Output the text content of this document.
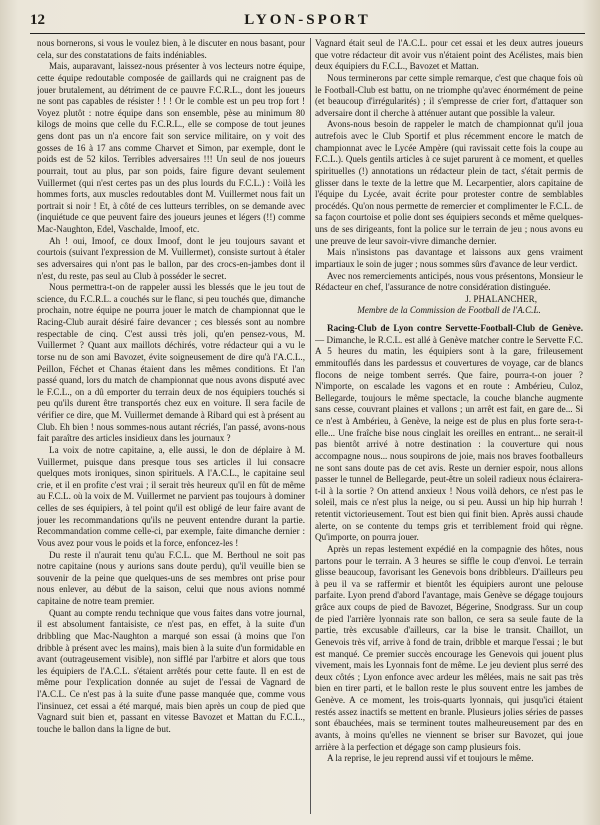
12	LYON-SPORT

nous bornerons, si vous le voulez bien, à le discuter en nous basant, pour cela, sur des constatations de faits indéniables.

Mais, auparavant, laissez-nous présenter à vos lecteurs notre équipe, cette équipe redoutable composée de gaillards qui ne craignent pas de jouer brutalement, au détriment de ce pauvre F.C.R.L., dont les joueurs ne sont pas capables de résister ! ! ! Or le comble est un peu trop fort ! Voyez plutôt : notre équipe dans son ensemble, pèse au minimum 80 kilogs de moins que celle du F.C.R.L., elle se compose de tout jeunes gens dont pas un n'a encore fait son service militaire, on y voit des gosses de 16 à 17 ans comme Charvet et Simon, par exemple, dont le poids est de 52 kilos. Terribles adversaires !!! Un seul de nos joueurs pourrait, tout au plus, par son poids, faire figure devant seulement Vuillermet (qui n'est certes pas un des plus lourds du F.C.L.) : Voilà les hommes forts, aux muscles redoutables dont M. Vuillermet nous fait un portrait si noir ! Et, à côté de ces lutteurs terribles, on se demande avec (inquiétude ce que peuvent faire des joueurs jeunes et légers (!!) comme Mac-Naughton, Edel, Vaschalde, Imoof, etc.

Ah ! oui, Imoof, ce doux Imoof, dont le jeu toujours savant et courtois (suivant l'expression de M. Vuillermet), consiste surtout à étaler ses adversaires qui n'ont pas le ballon, par des crocs-en-jambes dont il n'est, du reste, pas seul au Club à posséder le secret.

Nous permettra-t-on de rappeler aussi les blessés que le jeu tout de science, du F.C.R.L. a couchés sur le flanc, si peu touchés que, dimanche prochain, notre équipe ne pourra jouer le match de championnat que le Racing-Club aurait désiré faire devancer ; ces blessés sont au nombre respectable de cinq. C'est aussi très joli, qu'en pensez-vous, M. Vuillermet ? Quant aux maillots déchirés, votre rédacteur qui a vu le torse nu de son ami Bavozet, évite soigneusement de dire qu'à l'A.C.L., Peillon, Féchet et Chanas étaient dans les mêmes conditions. Et l'an passé quand, lors du match de championnat que nous avons disputé avec le F.C.L., on a dû emporter du terrain deux de nos équipiers touchés si peu qu'ils durent être transportés chez eux en voiture. Il sera facile de vérifier ce dire, que M. Vuillermet demande à Ribard qui est à présent au Club. Eh bien ! nous sommes-nous autant récriés, l'an passé, avons-nous fait paraître des articles insidieux dans les journaux ?

La voix de notre capitaine, a, elle aussi, le don de déplaire à M. Vuillermet, puisque dans presque tous ses articles il lui consacre quelques mots ironiques, sinon spirituels. A l'A.C.L., le capitaine seul crie, et il en profite c'est vrai ; il serait très heureux qu'il en fût de même au F.C.L. où la voix de M. Vuillermet ne parvient pas toujours à dominer celles de ses équipiers, à tel point qu'il est obligé de leur faire avant de jouer les recommandations qu'ils ne peuvent entendre durant la partie. Recommandation comme celle-ci, par exemple, faite dimanche dernier : Vous avez pour vous le poids et la force, enfoncez-les !

Du reste il n'aurait tenu qu'au F.C.L. que M. Berthoul ne soit pas notre capitaine (nous y aurions sans doute perdu), qu'il veuille bien se souvenir de la peine que quelques-uns de ses membres ont prise pour nous enlever, au début de la saison, celui que nous avions nommé capitaine de notre team premier.

Quant au compte rendu technique que vous faites dans votre journal, il est absolument fantaisiste, ce n'est pas, en effet, à la suite d'un dribbling que Mac-Naughton a marqué son essai (à moins que l'on dribble à présent avec les mains), mais bien à la suite d'un formidable en avant (outrageusement visible), non sifflé par l'arbitre et alors que tous les équipiers de l'A.C.L. s'étaient arrêtés pour cette faute. Il en est de même pour l'explication donnée au sujet de l'essai de Vagnard de l'A.C.L. Ce n'est pas à la suite d'une passe manquée que, comme vous l'insinuez, cet essai a été marqué, mais bien après un coup de pied que Vagnard suit bien et, passant en vitesse Bavozet et Mattan du F.C.L., touche le ballon dans la ligne de but.

Vagnard était seul de l'A.C.L. pour cet essai et les deux autres joueurs que votre rédacteur dit avoir vus n'étaient point des Acélistes, mais bien deux équipiers du F.C.L., Bavozet et Mattan.

Nous terminerons par cette simple remarque, c'est que chaque fois où le Football-Club est battu, on ne triomphe qu'avec énormément de peine (et beaucoup d'irrégularités) ; il s'empresse de crier fort, d'attaquer son adversaire dont il cherche à atténuer autant que possible la valeur.

Avons-nous besoin de rappeler le match de championnat qu'il joua autrefois avec le Club Sportif et plus récemment encore le match de championnat avec le Lycée Ampère (qui ravissait cette fois la coupe au F.C.L.). Quels gentils articles à ce sujet parurent à ce moment, et quelles spirituelles (!) annotations un rédacteur plein de tact, s'était permis de glisser dans le texte de la lettre que M. Lecarpentier, alors capitaine de l'équipe du Lycée, avait écrite pour protester contre de semblables procédés. Qu'on nous permette de remercier et complimenter le F.C.L. de sa façon courtoise et polie dont ses équipiers seconds et même quelques-uns de ses dirigeants, font la police sur le terrain de jeu ; nous avons eu une preuve de leur savoir-vivre dimanche dernier.

Mais n'insistons pas davantage et laissons aux gens vraiment impartiaux le soin de juger ; nous sommes sûrs d'avance de leur verdict.

Avec nos remerciements anticipés, nous vous présentons, Monsieur le Rédacteur en chef, l'assurance de notre considération distinguée.

J. PHALANCHER,

Membre de la Commission de Football de l'A.C.L.

Racing-Club de Lyon contre Servette-Football-Club de Genève. — Dimanche, le R.C.L. est allé à Genève matcher contre le Servette F.C. A 5 heures du matin, les équipiers sont à la gare, frileusement emmitouflés dans les pardessus et couvertures de voyage, car de blancs flocons de neige tombent serrés. Que faire, pourra-t-on jouer ? N'importe, on escalade les vagons et en route : Ambérieu, Culoz, Bellegarde, toujours le même spectacle, la couche blanche augmente sans cesse, couvrant plaines et vallons ; un arrêt est fait, en gare de... Si ce n'est à Ambérieu, à Genève, la neige est de plus en plus forte sera-t-elle... Une fraîche bise nous cinglait les oreilles en entrant... ne serait-il pas bientôt arrivé à notre destination : la couverture qui nous accompagne nous... nous soupirons de joie, mais nos braves footballeurs ne sont sans doute pas de cet avis. Reste un dernier espoir, nous allons passer le tunnel de Bellegarde, peut-être un soleil radieux nous éclairera-t-il à la sortie ? On attend anxieux ! Nous voilà dehors, ce n'est pas le soleil, mais ce n'est plus la neige, ou si peu. Aussi un hip hip hurrah ! retentit victorieusement. Tout est bien qui finit bien. Après aussi chaude alerte, on se contente du temps gris et terriblement froid qui règne. Qu'importe, on pourra jouer.

Après un repas lestement expédié en la compagnie des hôtes, nous partons pour le terrain. A 3 heures se siffle le coup d'envoi. Le terrain glisse beaucoup, favorisant les Genevois bons dribbleurs. D'ailleurs peu à peu il va se raffermir et bientôt les équipiers auront une pelouse parfaite. Lyon prend d'abord l'avantage, mais Genève se dégage toujours grâce aux coups de pied de Bavozet, Bégerine, Snodgrass. Sur un coup de pied l'arrière lyonnais rate son ballon, ce sera sa seule faute de la partie, très excusable d'ailleurs, car la bise le transit. Chaillot, un Genevois très vif, arrive à fond de train, dribble et marque l'essai ; le but est manqué. Ce premier succès encourage les Genevois qui jouent plus vivement, mais les Lyonnais font de même. Le jeu devient plus serré des deux côtés ; Lyon enfonce avec ardeur les mêlées, mais ne sait pas très bien en tirer parti, et le ballon reste le plus souvent entre les jambes de Genève. A ce moment, les trois-quarts lyonnais, qui jusqu'ici étaient restés assez inactifs se mettent en branle. Plusieurs jolies séries de passes sont ébauchées, mais se terminent toutes malheureusement par des en avants, à moins qu'elles ne viennent se briser sur Bavozet, qui joue arrière à la perfection et dégage son camp plusieurs fois.

A la reprise, le jeu reprend aussi vif et toujours le même.
